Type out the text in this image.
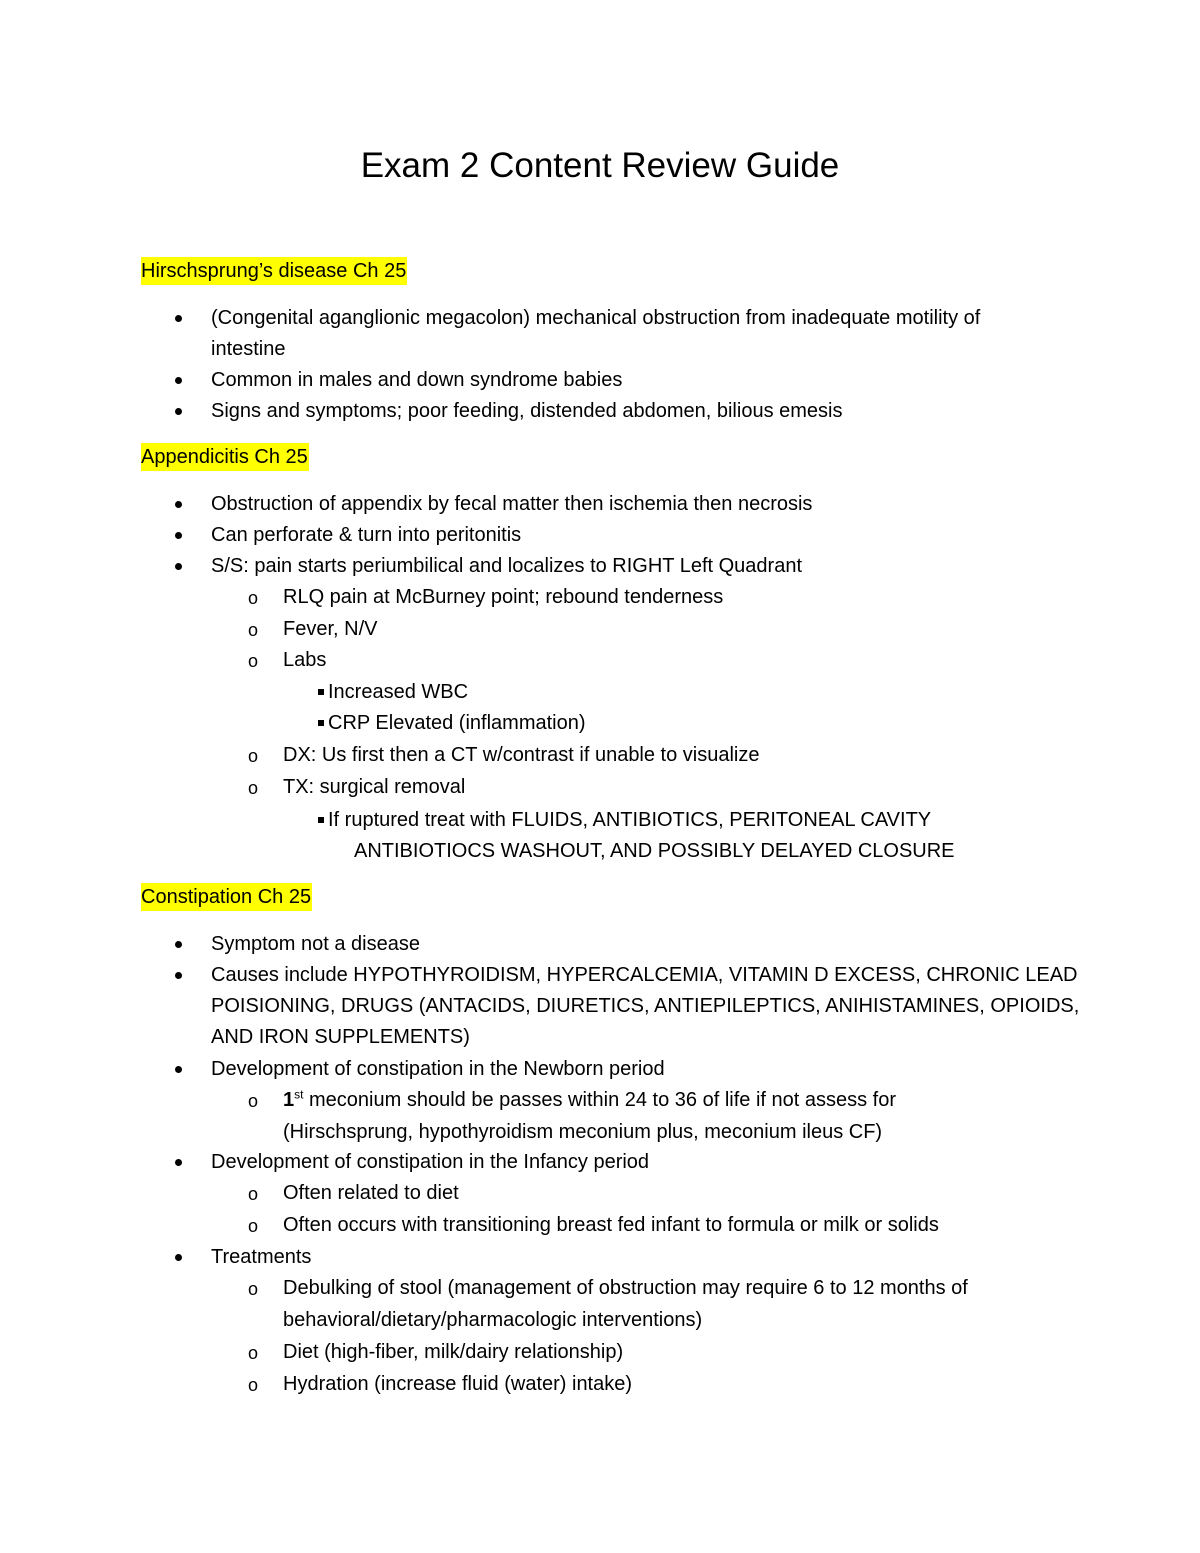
Exam 2 Content Review Guide
Hirschsprung’s disease Ch 25
(Congenital aganglionic megacolon) mechanical obstruction from inadequate motility of
intestine
Common in males and down syndrome babies
Signs and symptoms; poor feeding, distended abdomen, bilious emesis
Appendicitis Ch 25
Obstruction of appendix by fecal matter then ischemia then necrosis
Can perforate & turn into peritonitis
S/S: pain starts periumbilical and localizes to RIGHT Left Quadrant
o RLQ pain at McBurney point; rebound tenderness
o Fever, N/V
o Labs
Increased WBC
CRP Elevated (inflammation)
o DX: Us first then a CT w/contrast if unable to visualize
o TX: surgical removal
If ruptured treat with FLUIDS, ANTIBIOTICS, PERITONEAL CAVITY
ANTIBIOTIOCS WASHOUT, AND POSSIBLY DELAYED CLOSURE
Constipation Ch 25
Symptom not a disease
Causes include HYPOTHYROIDISM, HYPERCALCEMIA, VITAMIN D EXCESS, CHRONIC LEAD
POISIONING, DRUGS (ANTACIDS, DIURETICS, ANTIEPILEPTICS, ANIHISTAMINES, OPIOIDS,
AND IRON SUPPLEMENTS)
Development of constipation in the Newborn period
o 1st meconium should be passes within 24 to 36 of life if not assess for
(Hirschsprung, hypothyroidism meconium plus, meconium ileus CF)
Development of constipation in the Infancy period
o Often related to diet
o Often occurs with transitioning breast fed infant to formula or milk or solids
Treatments
o Debulking of stool (management of obstruction may require 6 to 12 months of
behavioral/dietary/pharmacologic interventions)
o Diet (high-fiber, milk/dairy relationship)
o Hydration (increase fluid (water) intake)
